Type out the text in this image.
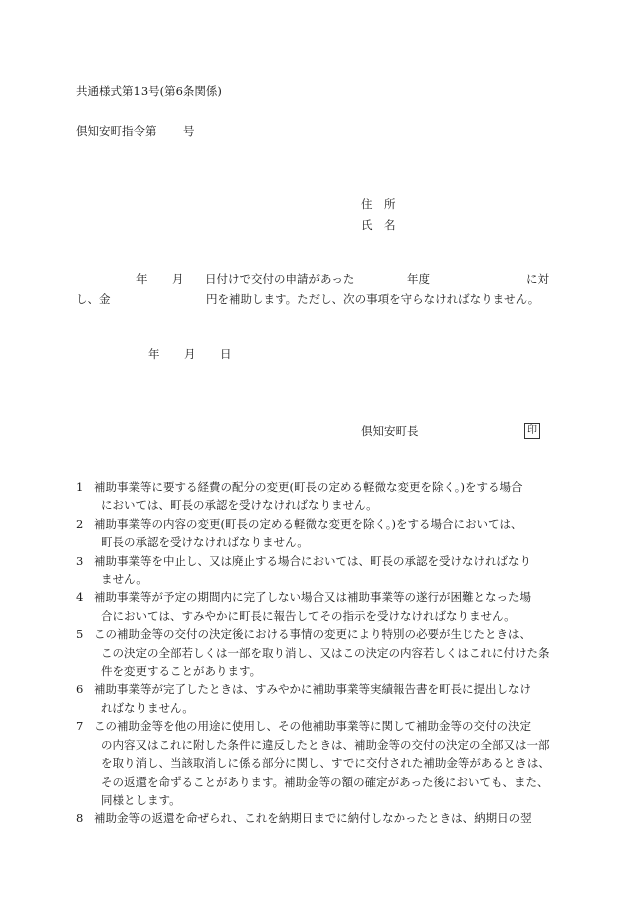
共通様式第13号(第6条関係)
倶知安町指令第 号
住　所
氏　名
年 月 日付けで交付の申請があった	年度	に対
し、金	円を補助します。ただし、次の事項を守らなければなりません。
年 月 日
倶知安町長	印
1 補助事業等に要する経費の配分の変更(町長の定める軽微な変更を除く。)をする場合
においては、町長の承認を受けなければなりません。
2 補助事業等の内容の変更(町長の定める軽微な変更を除く。)をする場合においては、
町長の承認を受けなければなりません。
3 補助事業等を中止し、又は廃止する場合においては、町長の承認を受けなければなり
ません。
4 補助事業等が予定の期間内に完了しない場合又は補助事業等の遂行が困難となった場
合においては、すみやかに町長に報告してその指示を受けなければなりません。
5 この補助金等の交付の決定後における事情の変更により特別の必要が生じたときは、
この決定の全部若しくは一部を取り消し、又はこの決定の内容若しくはこれに付けた条
件を変更することがあります。
6 補助事業等が完了したときは、すみやかに補助事業等実績報告書を町長に提出しなけ
ればなりません。
7 この補助金等を他の用途に使用し、その他補助事業等に関して補助金等の交付の決定
の内容又はこれに附した条件に違反したときは、補助金等の交付の決定の全部又は一部
を取り消し、当該取消しに係る部分に関し、すでに交付された補助金等があるときは、
その返還を命ずることがあります。補助金等の額の確定があった後においても、また、
同様とします。
8 補助金等の返還を命ぜられ、これを納期日までに納付しなかったときは、納期日の翌
